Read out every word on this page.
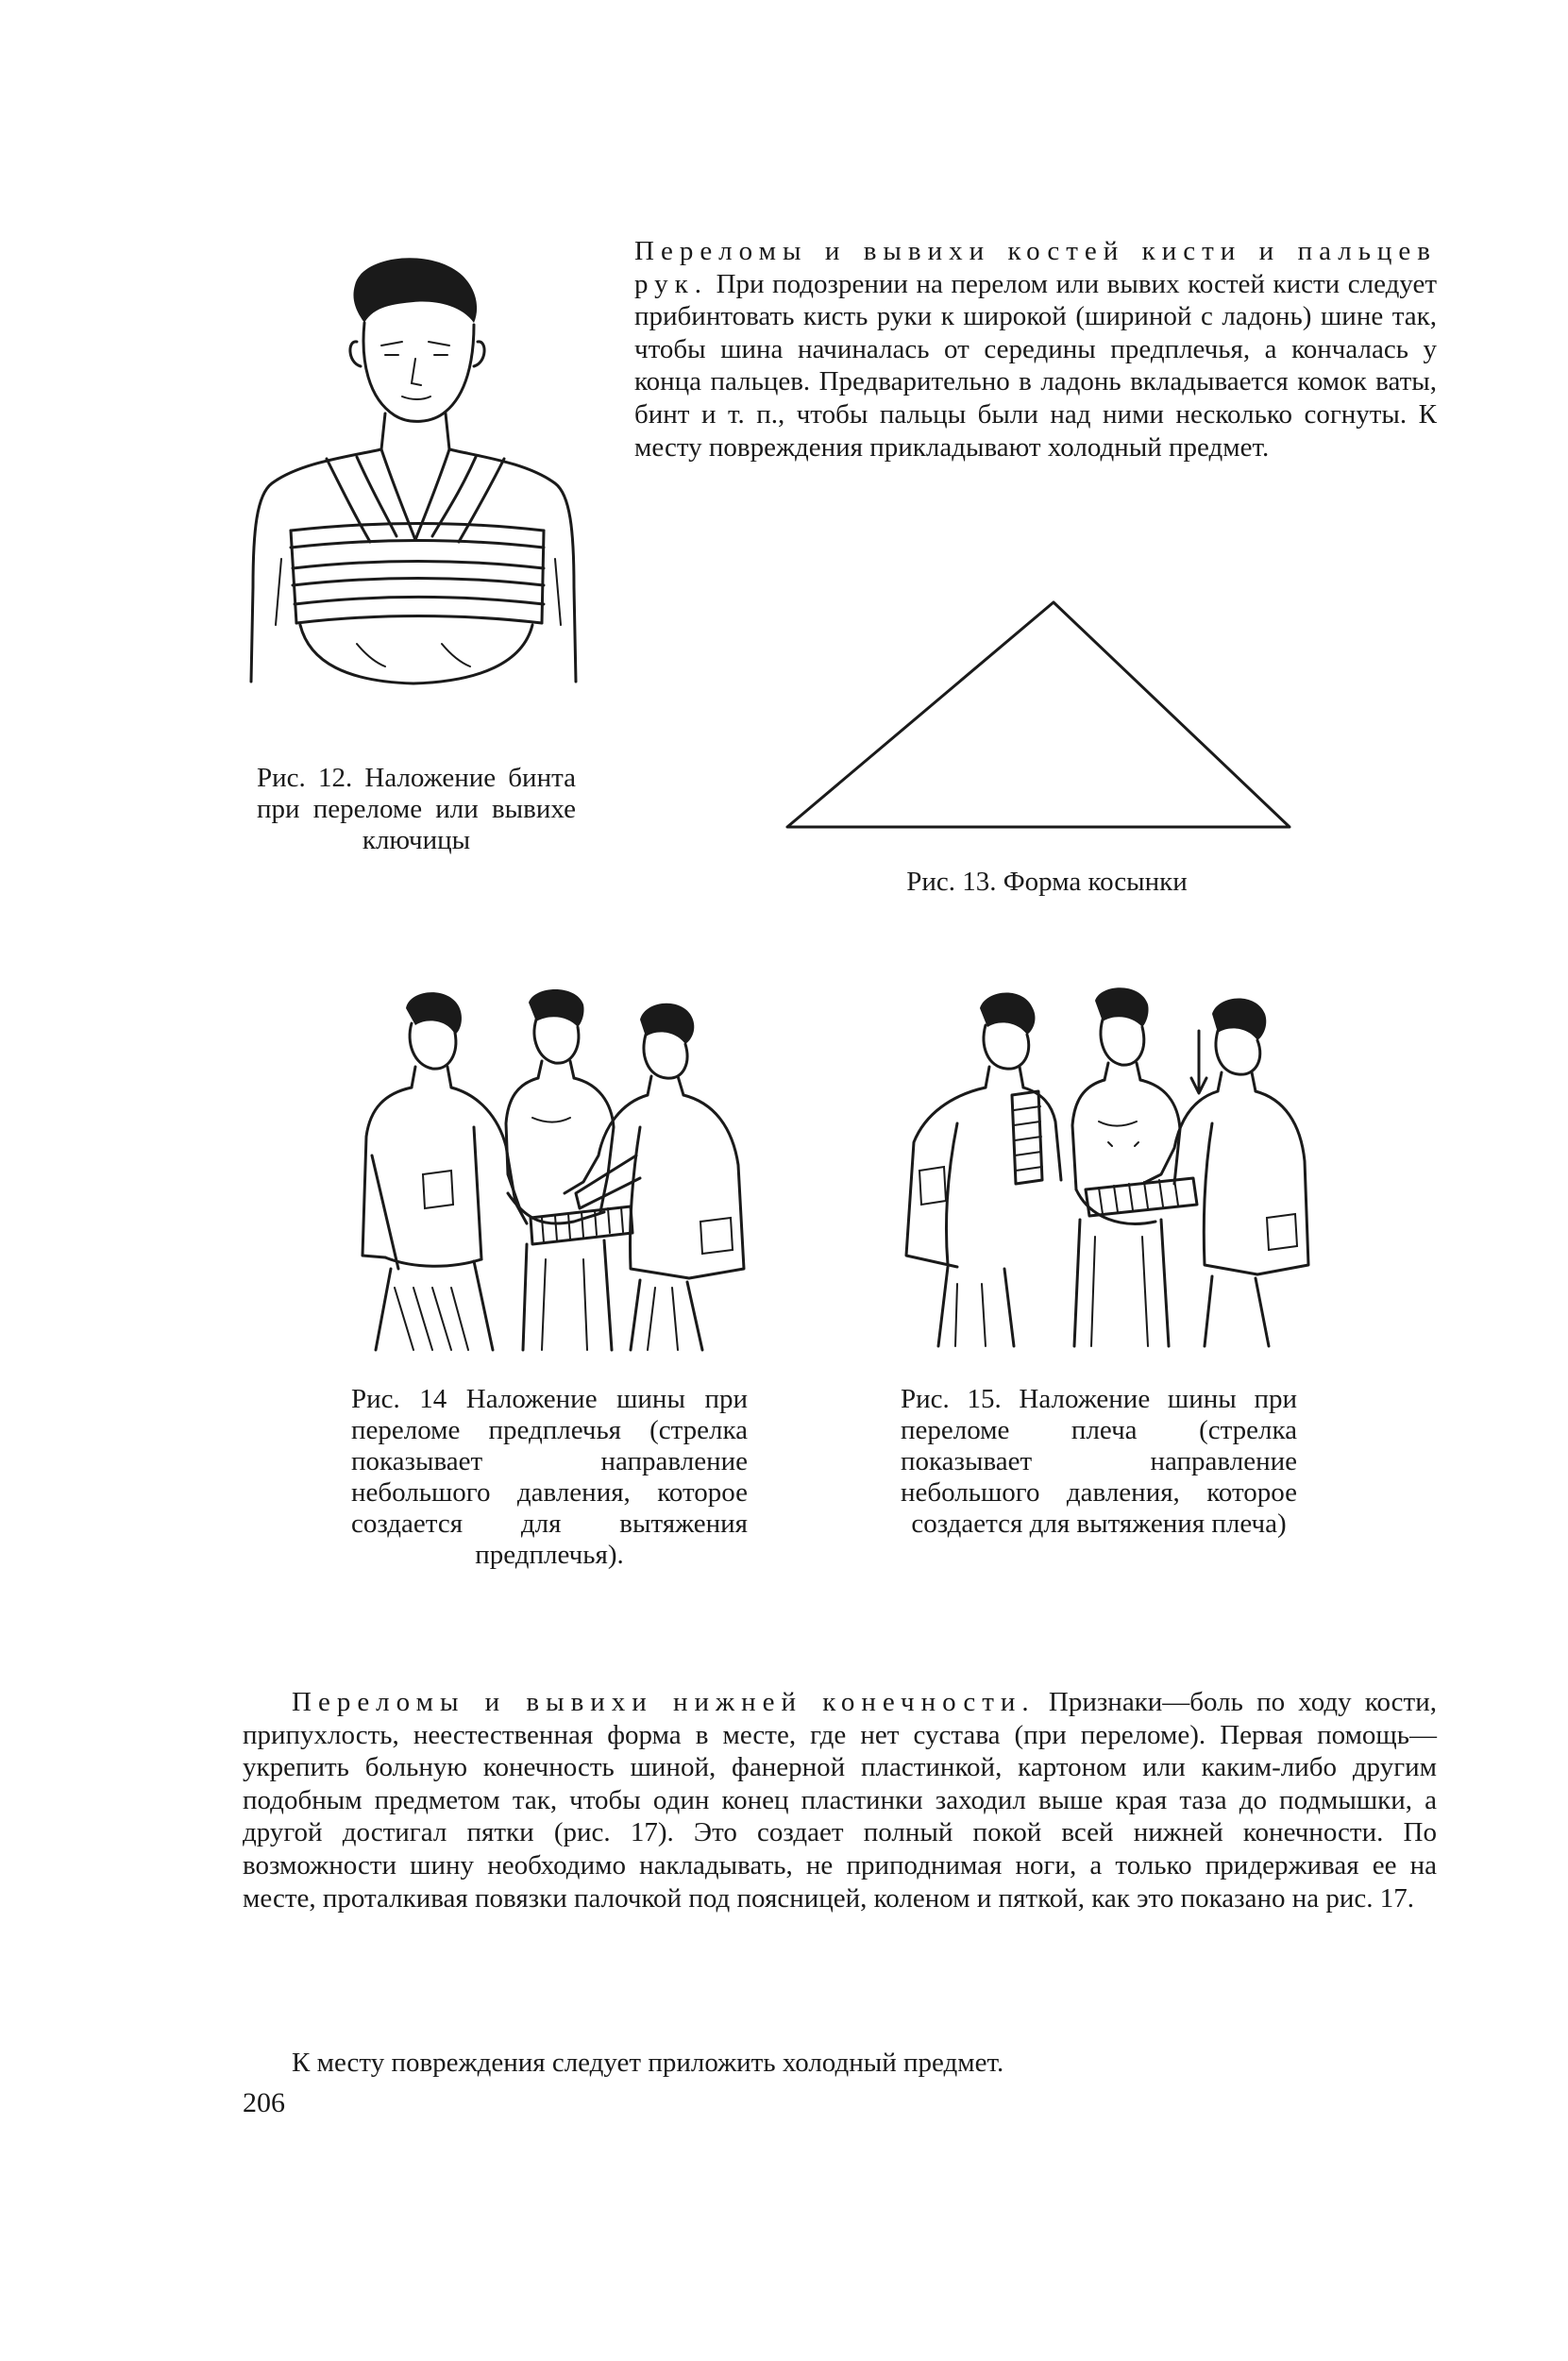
Переломы и вывихи костей кисти и пальцев рук. При подозрении на перелом или вывих костей кисти следует прибинтовать кисть руки к широкой (шириной с ладонь) шине так, чтобы шина начиналась от середины предплечья, а кончалась у конца пальцев. Предварительно в ладонь вкладывается комок ваты, бинт и т. п., чтобы пальцы были над ними несколько согнуты. К месту повреждения прикладывают холодный предмет.
Рис. 12. Наложение бинта при переломе или вывихе ключицы
Рис. 13. Форма косынки
Рис. 14 Наложение шины при переломе предплечья (стрелка показывает направление небольшого давления, которое создается для вытяжения предплечья).
Рис. 15. Наложение шины при переломе плеча (стрелка показывает направление небольшого давления, которое создается для вытяжения плеча)
Переломы и вывихи нижней конечности. Признаки—боль по ходу кости, припухлость, неестественная форма в месте, где нет сустава (при переломе). Первая помощь—укрепить больную конечность шиной, фанерной пластинкой, картоном или каким-либо другим подобным предметом так, чтобы один конец пластинки заходил выше края таза до подмышки, а другой достигал пятки (рис. 17). Это создает полный покой всей нижней конечности. По возможности шину необходимо накладывать, не приподнимая ноги, а только придерживая ее на месте, проталкивая повязки палочкой под поясницей, коленом и пяткой, как это показано на рис. 17.
К месту повреждения следует приложить холодный предмет.
206
